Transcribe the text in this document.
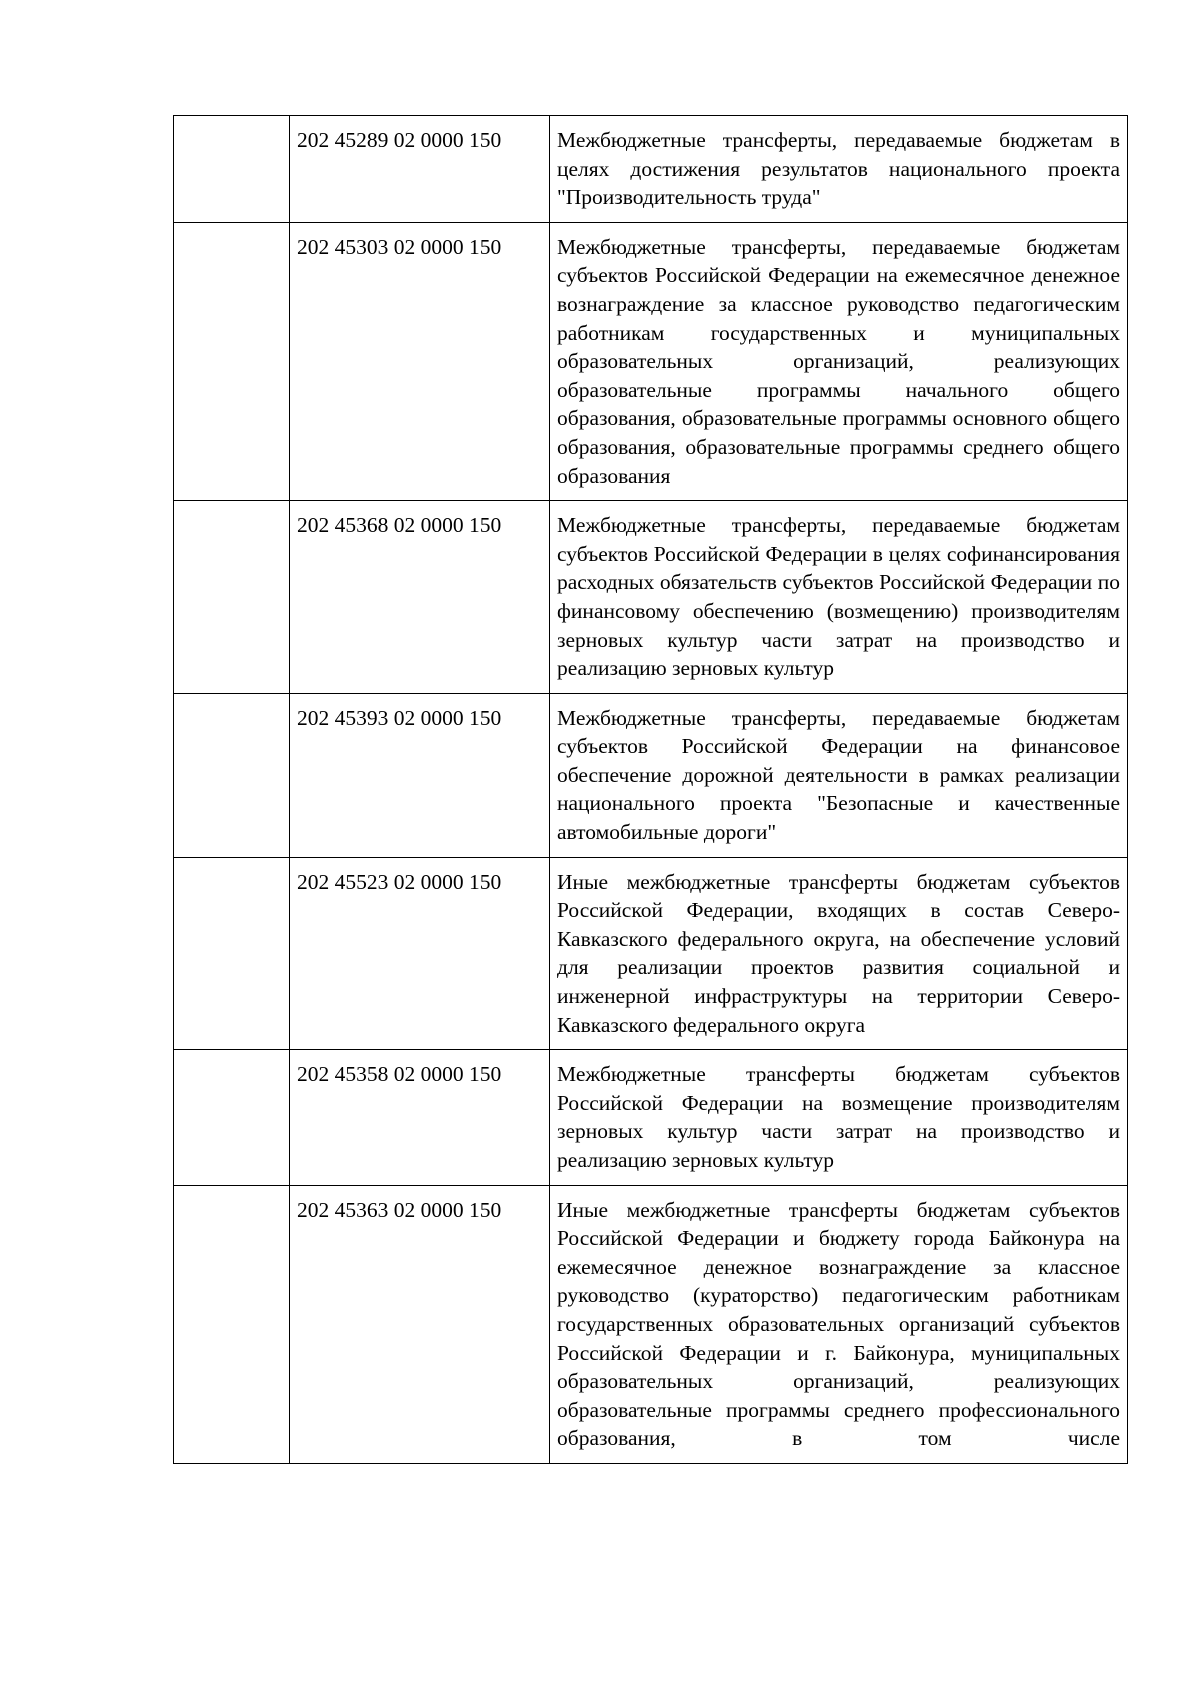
	202 45289 02 0000 150	Межбюджетные трансферты, передаваемые бюджетам в целях достижения результатов национального проекта "Производительность труда"
	202 45303 02 0000 150	Межбюджетные трансферты, передаваемые бюджетам субъектов Российской Федерации на ежемесячное денежное вознаграждение за классное руководство педагогическим работникам государственных и муниципальных образовательных организаций, реализующих образовательные программы начального общего образования, образовательные программы основного общего образования, образовательные программы среднего общего образования
	202 45368 02 0000 150	Межбюджетные трансферты, передаваемые бюджетам субъектов Российской Федерации в целях софинансирования расходных обязательств субъектов Российской Федерации по финансовому обеспечению (возмещению) производителям зерновых культур части затрат на производство и реализацию зерновых культур
	202 45393 02 0000 150	Межбюджетные трансферты, передаваемые бюджетам субъектов Российской Федерации на финансовое обеспечение дорожной деятельности в рамках реализации национального проекта "Безопасные и качественные автомобильные дороги"
	202 45523 02 0000 150	Иные межбюджетные трансферты бюджетам субъектов Российской Федерации, входящих в состав Северо-Кавказского федерального округа, на обеспечение условий для реализации проектов развития социальной и инженерной инфраструктуры на территории Северо-Кавказского федерального округа
	202 45358 02 0000 150	Межбюджетные трансферты бюджетам субъектов Российской Федерации на возмещение производителям зерновых культур части затрат на производство и реализацию зерновых культур
	202 45363 02 0000 150	Иные межбюджетные трансферты бюджетам субъектов Российской Федерации и бюджету города Байконура на ежемесячное денежное вознаграждение за классное руководство (кураторство) педагогическим работникам государственных образовательных организаций субъектов Российской Федерации и г. Байконура, муниципальных образовательных организаций, реализующих образовательные программы среднего профессионального образования, в том числе
